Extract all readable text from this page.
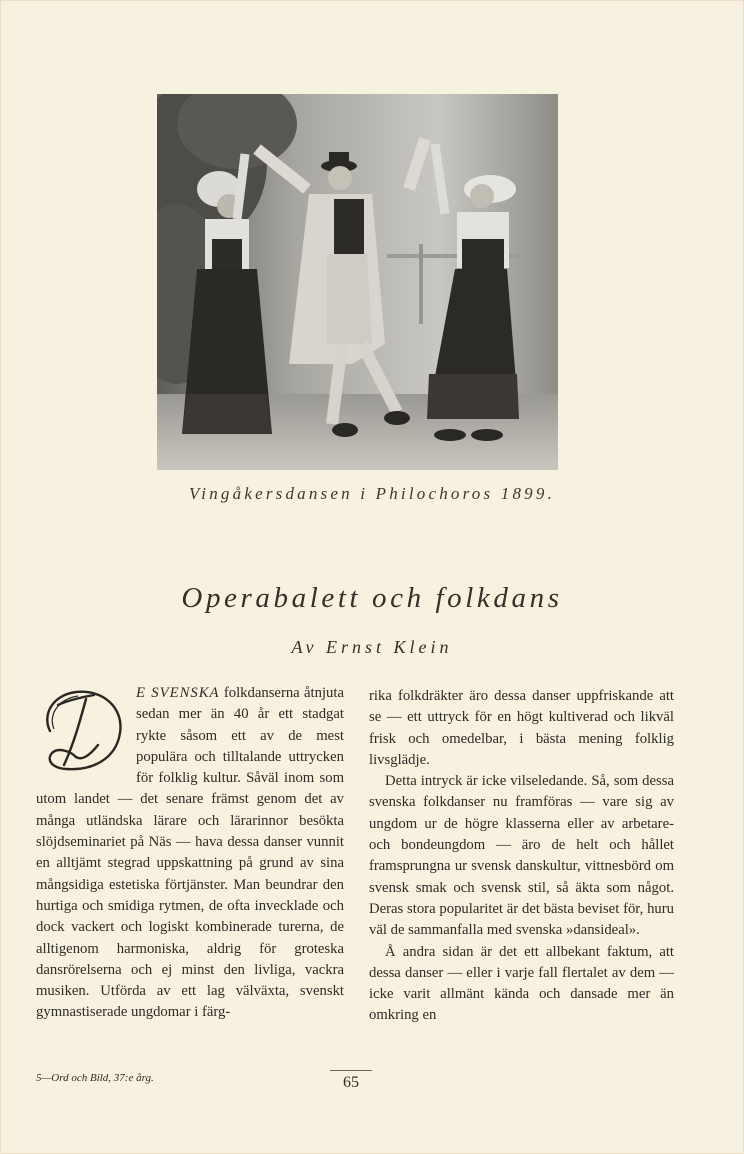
Vingåkersdansen i Philochoros 1899.
Operabalett och folkdans
Av Ernst Klein

E SVENSKA folkdanserna åtnjuta sedan mer än 40 år ett stadgat rykte såsom ett av de mest populära och tilltalande uttrycken för folklig kultur. Såväl inom som utom landet — det senare främst genom det av många utländska lärare och lärarinnor besökta slöjdseminariet på Näs — hava dessa danser vunnit en alltjämt stegrad uppskattning på grund av sina mångsidiga estetiska förtjänster. Man beundrar den hurtiga och smidiga rytmen, de ofta invecklade och dock vackert och logiskt kombinerade turerna, de alltigenom harmoniska, aldrig för groteska dansrörelserna och ej minst den livliga, vackra musiken. Utförda av ett lag välväxta, svenskt gymnastiserade ungdomar i färg-

rika folkdräkter äro dessa danser uppfriskande att se — ett uttryck för en högt kultiverad och likväl frisk och omedelbar, i bästa mening folklig livsglädje.

Detta intryck är icke vilseledande. Så, som dessa svenska folkdanser nu framföras — vare sig av ungdom ur de högre klasserna eller av arbetare- och bondeungdom — äro de helt och hållet framsprungna ur svensk danskultur, vittnesbörd om svensk smak och svensk stil, så äkta som något. Deras stora popularitet är det bästa beviset för, huru väl de sammanfalla med svenska »dansideal».

Å andra sidan är det ett allbekant faktum, att dessa danser — eller i varje fall flertalet av dem — icke varit allmänt kända och dansade mer än omkring en

5—Ord och Bild, 37:e årg.	65
